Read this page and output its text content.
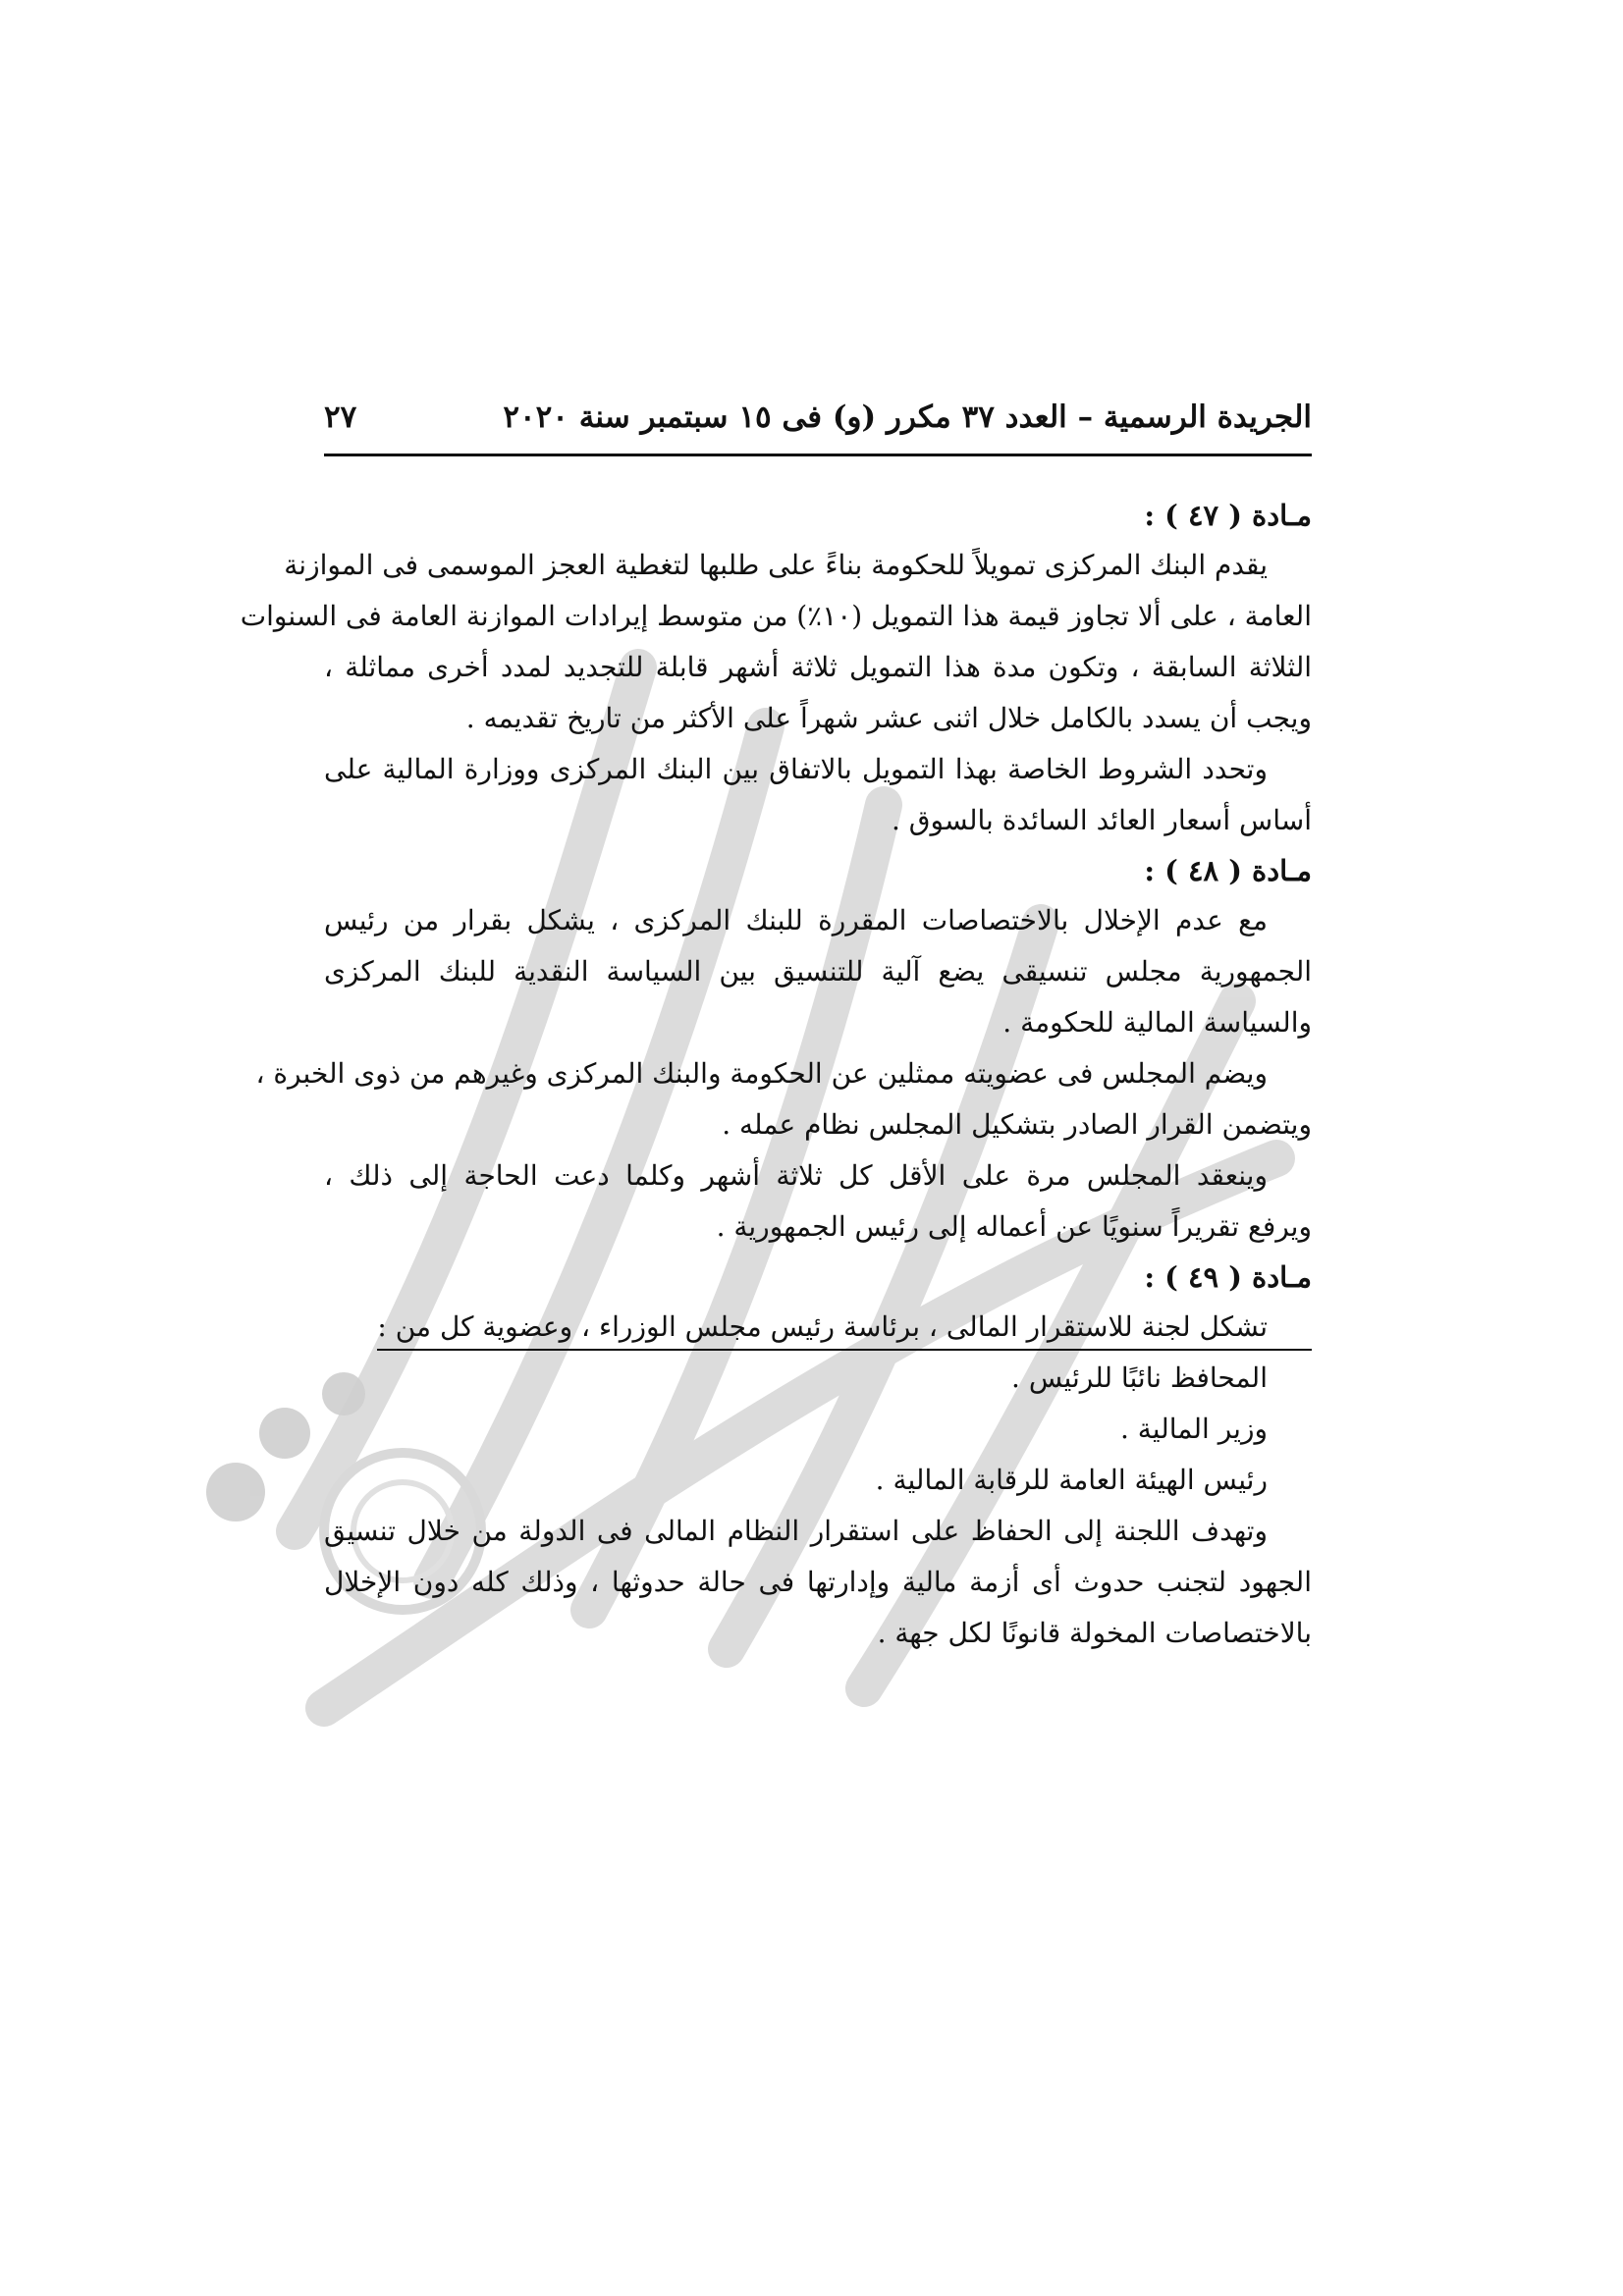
الجريدة الرسمية – العدد ٣٧ مكرر (و) فى ١٥ سبتمبر سنة ٢٠٢٠
٢٧
مـادة ( ٤٧ ) :
يقدم البنك المركزى تمويلاً للحكومة بناءً على طلبها لتغطية العجز الموسمى فى الموازنة
العامة ، على ألا تجاوز قيمة هذا التمويل (١٠٪) من متوسط إيرادات الموازنة العامة فى السنوات
الثلاثة السابقة ، وتكون مدة هذا التمويل ثلاثة أشهر قابلة للتجديد لمدد أخرى مماثلة ،
ويجب أن يسدد بالكامل خلال اثنى عشر شهراً على الأكثر من تاريخ تقديمه .
وتحدد الشروط الخاصة بهذا التمويل بالاتفاق بين البنك المركزى ووزارة المالية على
أساس أسعار العائد السائدة بالسوق .
مـادة ( ٤٨ ) :
مع عدم الإخلال بالاختصاصات المقررة للبنك المركزى ، يشكل بقرار من رئيس
الجمهورية مجلس تنسيقى يضع آلية للتنسيق بين السياسة النقدية للبنك المركزى
والسياسة المالية للحكومة .
ويضم المجلس فى عضويته ممثلين عن الحكومة والبنك المركزى وغيرهم من ذوى الخبرة ،
ويتضمن القرار الصادر بتشكيل المجلس نظام عمله .
وينعقد المجلس مرة على الأقل كل ثلاثة أشهر وكلما دعت الحاجة إلى ذلك ،
ويرفع تقريراً سنويًا عن أعماله إلى رئيس الجمهورية .
مـادة ( ٤٩ ) :
تشكل لجنة للاستقرار المالى ، برئاسة رئيس مجلس الوزراء ، وعضوية كل من :
المحافظ نائبًا للرئيس .
وزير المالية .
رئيس الهيئة العامة للرقابة المالية .
وتهدف اللجنة إلى الحفاظ على استقرار النظام المالى فى الدولة من خلال تنسيق
الجهود لتجنب حدوث أى أزمة مالية وإدارتها فى حالة حدوثها ، وذلك كله دون الإخلال
بالاختصاصات المخولة قانونًا لكل جهة .
